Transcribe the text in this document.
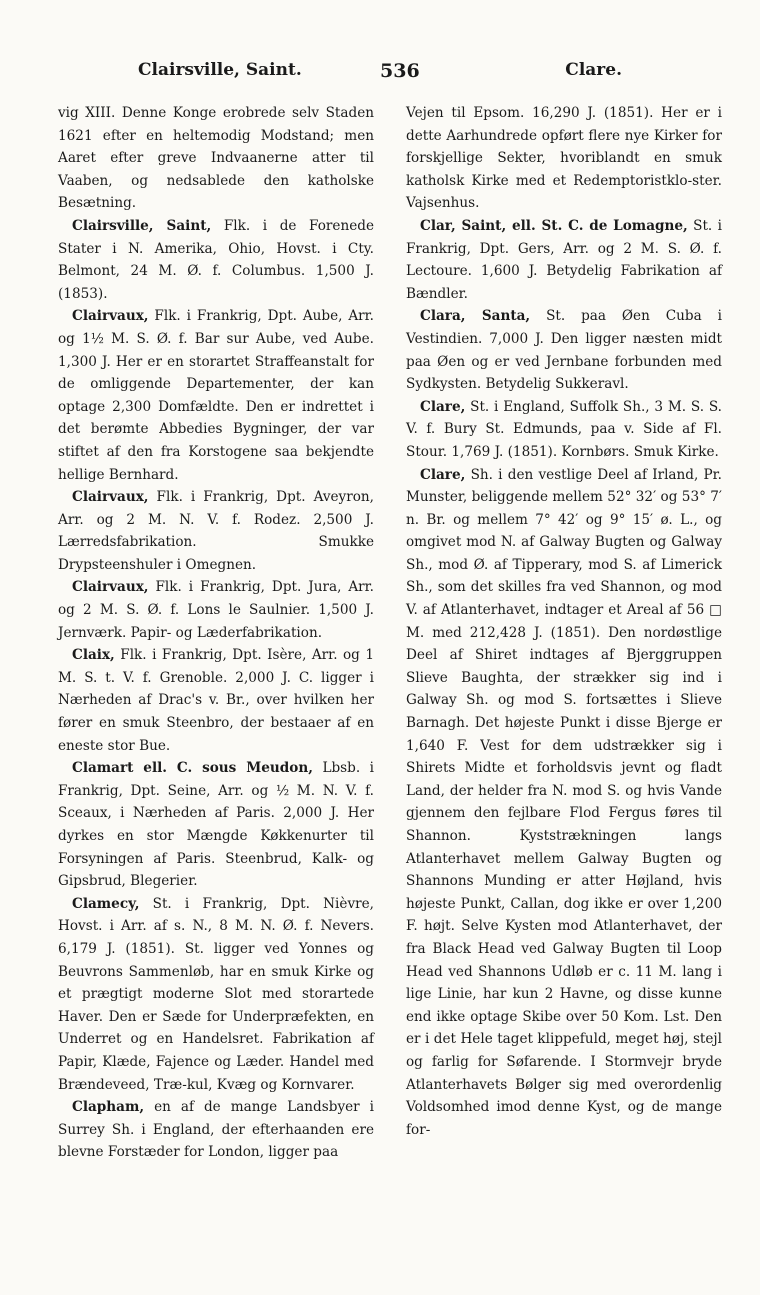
Clairsville, Saint.	536	Clare.

vig XIII. Denne Konge erobrede selv Staden 1621 efter en heltemodig Modstand; men Aaret efter greve Indvaanerne atter til Vaaben, og nedsablede den katholske Besætning.

Clairsville, Saint, Flk. i de Forenede Stater i N. Amerika, Ohio, Hovst. i Cty. Belmont, 24 M. Ø. f. Columbus. 1,500 J. (1853).

Clairvaux, Flk. i Frankrig, Dpt. Aube, Arr. og 1½ M. S. Ø. f. Bar sur Aube, ved Aube. 1,300 J. Her er en storartet Straffeanstalt for de omliggende Departementer, der kan optage 2,300 Domfældte. Den er indrettet i det berømte Abbedies Bygninger, der var stiftet af den fra Korstogene saa bekjendte hellige Bernhard.

Clairvaux, Flk. i Frankrig, Dpt. Aveyron, Arr. og 2 M. N. V. f. Rodez. 2,500 J. Lærredsfabrikation. Smukke Drypsteenshuler i Omegnen.

Clairvaux, Flk. i Frankrig, Dpt. Jura, Arr. og 2 M. S. Ø. f. Lons le Saulnier. 1,500 J. Jernværk. Papir- og Læderfabrikation.

Claix, Flk. i Frankrig, Dpt. Isère, Arr. og 1 M. S. t. V. f. Grenoble. 2,000 J. C. ligger i Nærheden af Drac's v. Br., over hvilken her fører en smuk Steenbro, der bestaaer af en eneste stor Bue.

Clamart ell. C. sous Meudon, Lbsb. i Frankrig, Dpt. Seine, Arr. og ½ M. N. V. f. Sceaux, i Nærheden af Paris. 2,000 J. Her dyrkes en stor Mængde Køkkenurter til Forsyningen af Paris. Steenbrud, Kalk- og Gipsbrud, Blegerier.

Clamecy, St. i Frankrig, Dpt. Nièvre, Hovst. i Arr. af s. N., 8 M. N. Ø. f. Nevers. 6,179 J. (1851). St. ligger ved Yonnes og Beuvrons Sammenløb, har en smuk Kirke og et prægtigt moderne Slot med storartede Haver. Den er Sæde for Underpræfekten, en Underret og en Handelsret. Fabrikation af Papir, Klæde, Fajence og Læder. Handel med Brændeveed, Træ-kul, Kvæg og Kornvarer.

Clapham, en af de mange Landsbyer i Surrey Sh. i England, der efterhaanden ere blevne Forstæder for London, ligger paa

Vejen til Epsom. 16,290 J. (1851). Her er i dette Aarhundrede opført flere nye Kirker for forskjellige Sekter, hvoriblandt en smuk katholsk Kirke med et Redemptoristklo-ster. Vajsenhus.

Clar, Saint, ell. St. C. de Lomagne, St. i Frankrig, Dpt. Gers, Arr. og 2 M. S. Ø. f. Lectoure. 1,600 J. Betydelig Fabrikation af Bændler.

Clara, Santa, St. paa Øen Cuba i Vestindien. 7,000 J. Den ligger næsten midt paa Øen og er ved Jernbane forbunden med Sydkysten. Betydelig Sukkeravl.

Clare, St. i England, Suffolk Sh., 3 M. S. S. V. f. Bury St. Edmunds, paa v. Side af Fl. Stour. 1,769 J. (1851). Kornbørs. Smuk Kirke.

Clare, Sh. i den vestlige Deel af Irland, Pr. Munster, beliggende mellem 52° 32′ og 53° 7′ n. Br. og mellem 7° 42′ og 9° 15′ ø. L., og omgivet mod N. af Galway Bugten og Galway Sh., mod Ø. af Tipperary, mod S. af Limerick Sh., som det skilles fra ved Shannon, og mod V. af Atlanterhavet, indtager et Areal af 56 □ M. med 212,428 J. (1851). Den nordøstlige Deel af Shiret indtages af Bjerggruppen Slieve Baughta, der strækker sig ind i Galway Sh. og mod S. fortsættes i Slieve Barnagh. Det højeste Punkt i disse Bjerge er 1,640 F. Vest for dem udstrækker sig i Shirets Midte et forholdsvis jevnt og fladt Land, der helder fra N. mod S. og hvis Vande gjennem den fejlbare Flod Fergus føres til Shannon. Kyststrækningen langs Atlanterhavet mellem Galway Bugten og Shannons Munding er atter Højland, hvis højeste Punkt, Callan, dog ikke er over 1,200 F. højt. Selve Kysten mod Atlanterhavet, der fra Black Head ved Galway Bugten til Loop Head ved Shannons Udløb er c. 11 M. lang i lige Linie, har kun 2 Havne, og disse kunne end ikke optage Skibe over 50 Kom. Lst. Den er i det Hele taget klippefuld, meget høj, stejl og farlig for Søfarende. I Stormvejr bryde Atlanterhavets Bølger sig med overordenlig Voldsomhed imod denne Kyst, og de mange for-
